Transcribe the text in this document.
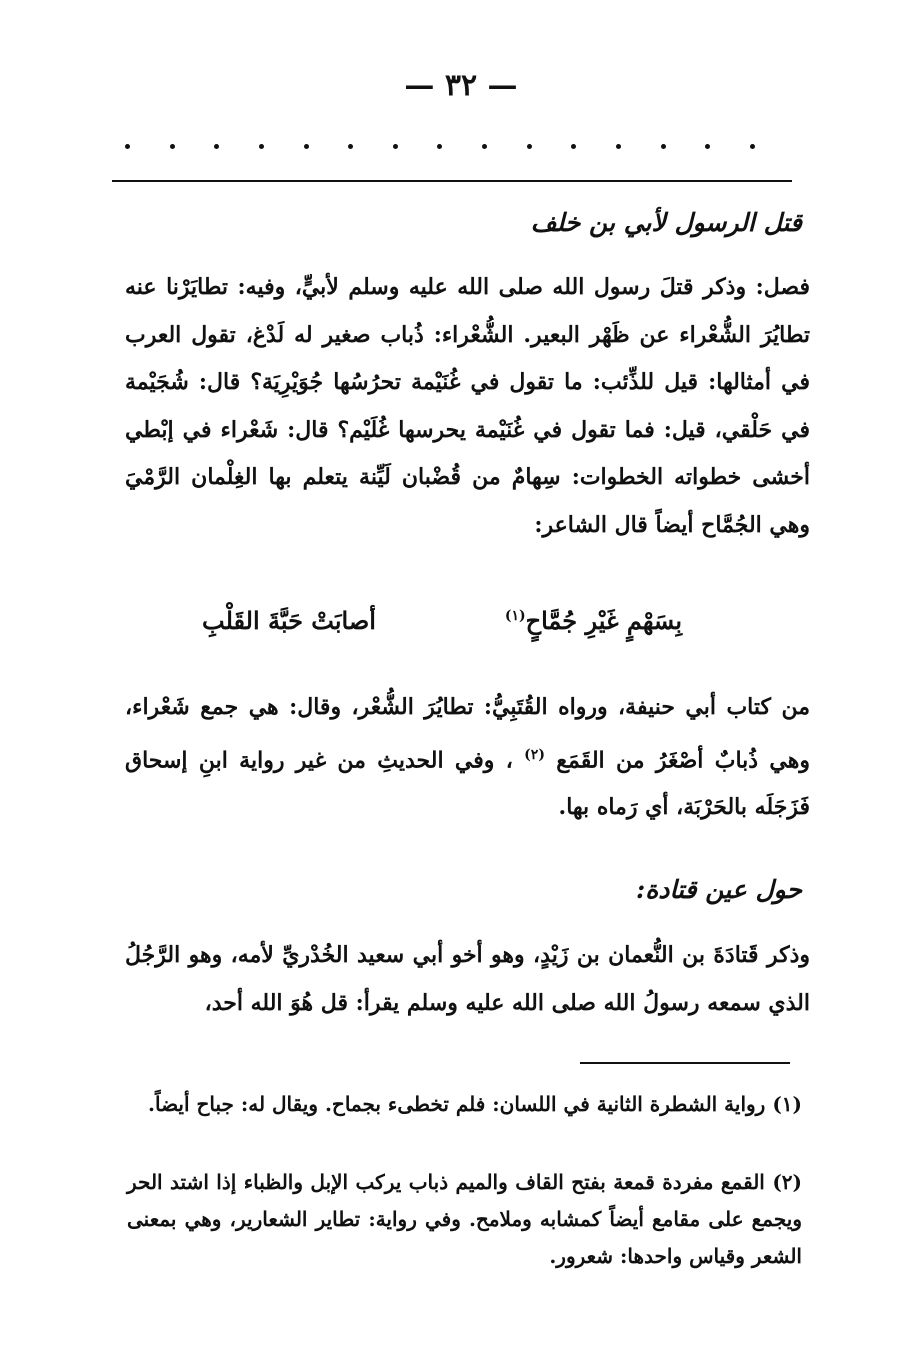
— ٣٢ —
قتل الرسول لأبي بن خلف
فصل: وذكر قتلَ رسول الله صلى الله عليه وسلم لأبيٍّ، وفيه: تطايَرْنا عنه تطايُرَ الشُّعْراء عن ظَهْر البعير. الشُّعْراء: ذُباب صغير له لَدْغ، تقول العرب في أمثالها: قيل للذِّئب: ما تقول في غُنَيْمة تحرُسُها جُوَيْرِيَة؟ قال: شُجَيْمة في حَلْقي، قيل: فما تقول في غُنَيْمة يحرسها غُلَيْم؟ قال: شَعْراء في إبْطي أخشى خطواته الخطوات: سِهامٌ من قُضْبان لَيِّنة يتعلم بها الغِلْمان الرَّمْيَ وهي الجُمَّاح أيضاً قال الشاعر:
أصابَتْ حَبَّةَ القَلْبِ	بِسَهْمٍ غَيْرِ جُمَّاحٍ$^{(١)}$
من كتاب أبي حنيفة، ورواه القُتَبِيُّ: تطايُرَ الشُّعْر، وقال: هي جمع شَعْراء، وهي ذُبابٌ أصْغَرُ من القَمَع $^{(٢)}$ ، وفي الحديثِ من غير رواية ابنِ إسحاق فَزَجَلَه بالحَرْبَة، أي رَماه بها.
حول عين قتادة:
وذكر قَتادَةَ بن النُّعمان بن زَيْدٍ، وهو أخو أبي سعيد الخُدْريِّ لأمه، وهو الرَّجُلُ الذي سمعه رسولُ الله صلى الله عليه وسلم يقرأ: قل هُوَ الله أحد،
(١) رواية الشطرة الثانية في اللسان: فلم تخطىء بجماح. ويقال له: جباح أيضاً.
(٢) القمع مفردة قمعة بفتح القاف والميم ذباب يركب الإبل والظباء إذا اشتد الحر ويجمع على مقامع أيضاً كمشابه وملامح. وفي رواية: تطاير الشعارير، وهي بمعنى الشعر وقياس واحدها: شعرور.
